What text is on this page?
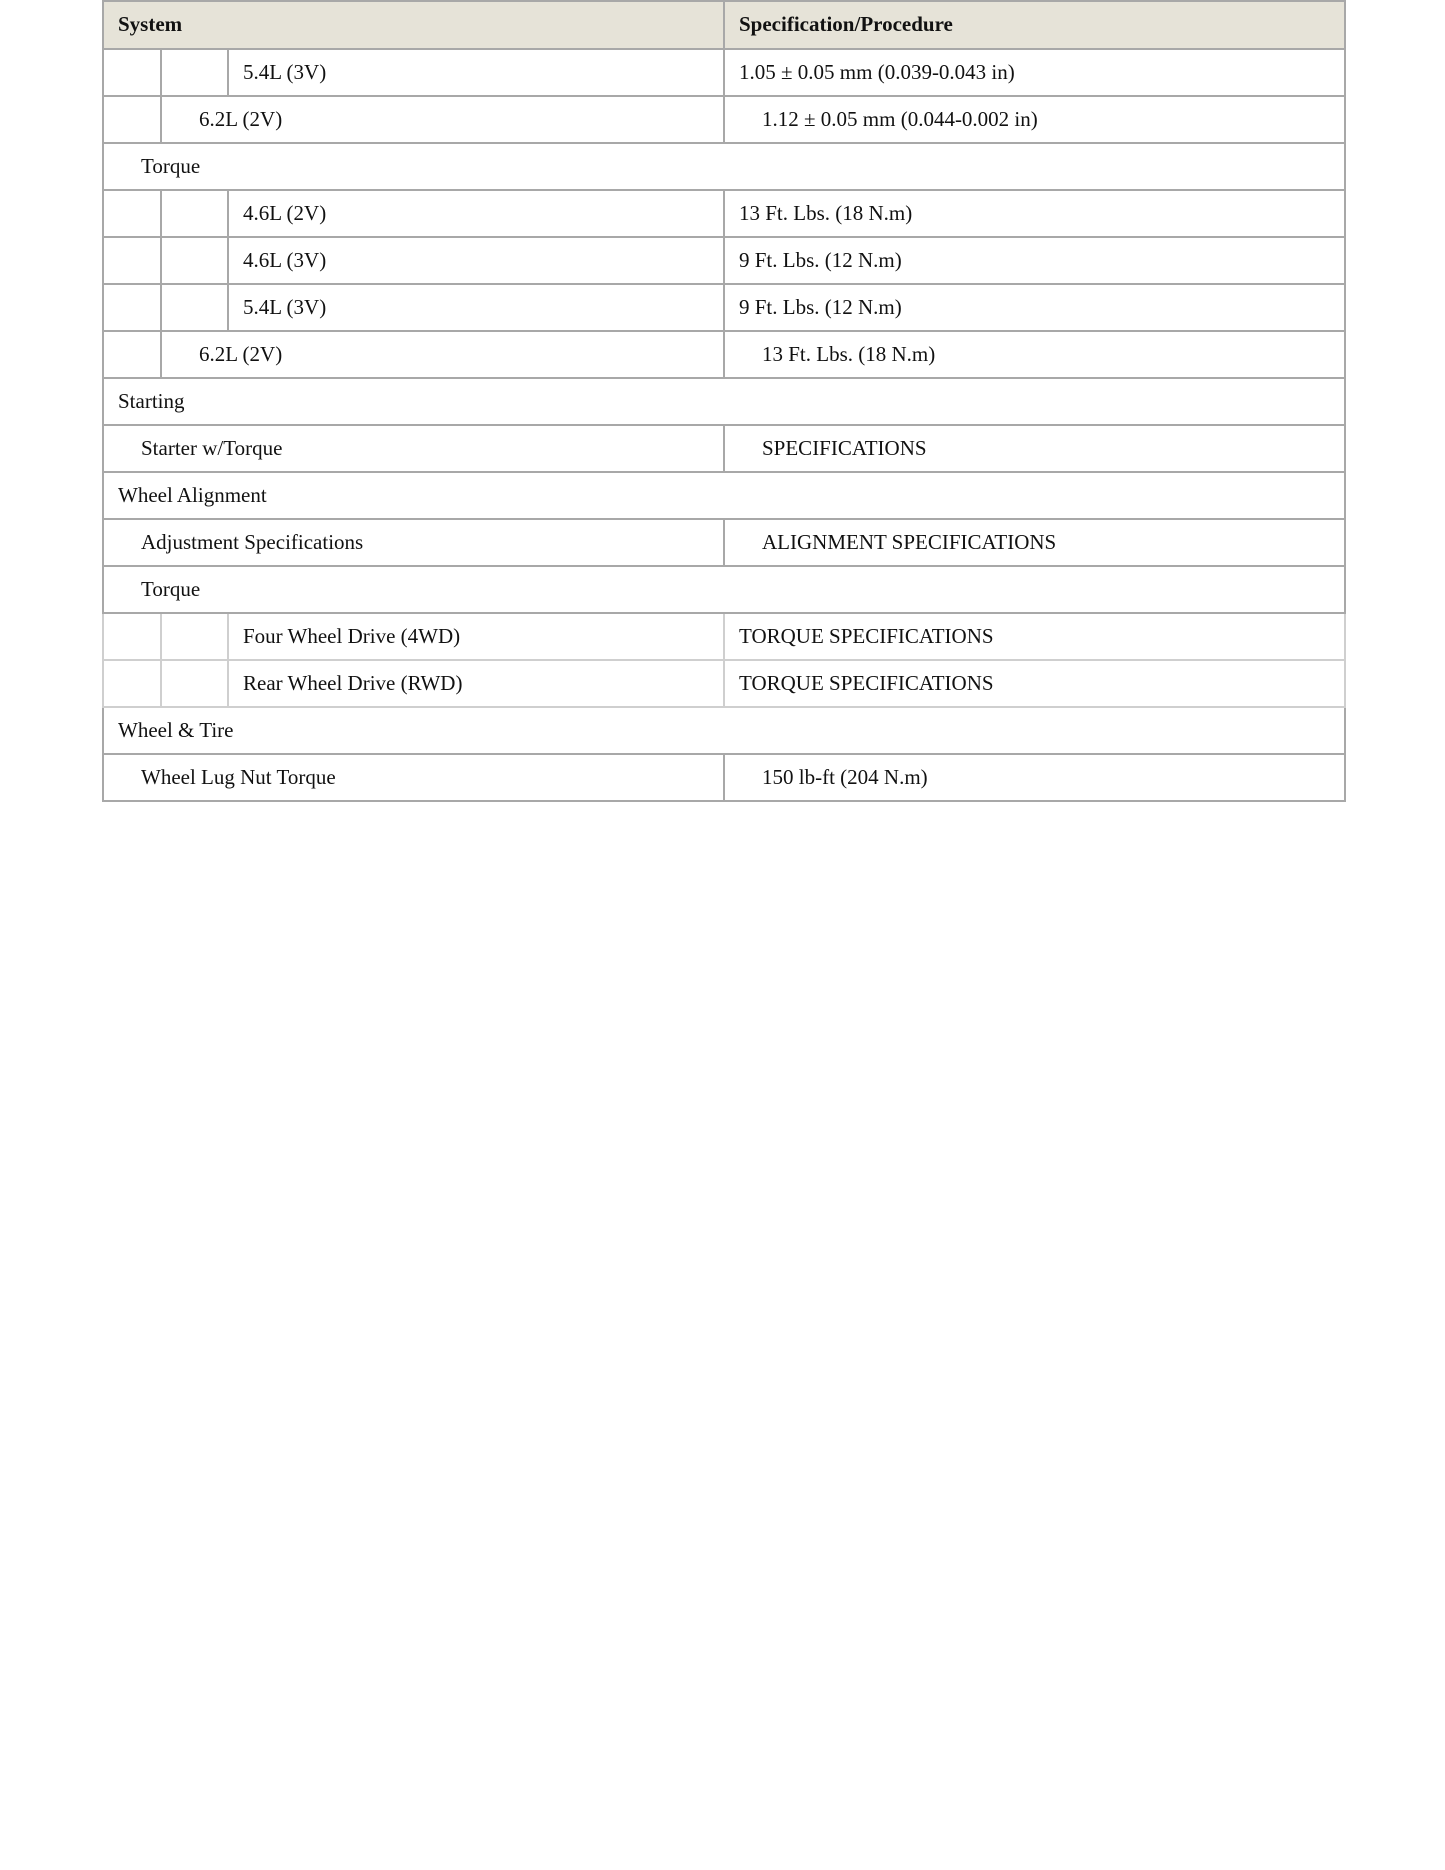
System			Specification/Procedure
		5.4L (3V)	1.05 ± 0.05 mm (0.039-0.043 in)
	6.2L (2V)		1.12 ± 0.05 mm (0.044-0.002 in)
Torque			
		4.6L (2V)	13 Ft. Lbs. (18 N.m)
		4.6L (3V)	9 Ft. Lbs. (12 N.m)
		5.4L (3V)	9 Ft. Lbs. (12 N.m)
	6.2L (2V)		13 Ft. Lbs. (18 N.m)
Starting			
Starter w/Torque			SPECIFICATIONS
Wheel Alignment			
Adjustment Specifications			ALIGNMENT SPECIFICATIONS
Torque			
		Four Wheel Drive (4WD)	TORQUE SPECIFICATIONS
		Rear Wheel Drive (RWD)	TORQUE SPECIFICATIONS
Wheel & Tire			
Wheel Lug Nut Torque			150 lb-ft (204 N.m)
